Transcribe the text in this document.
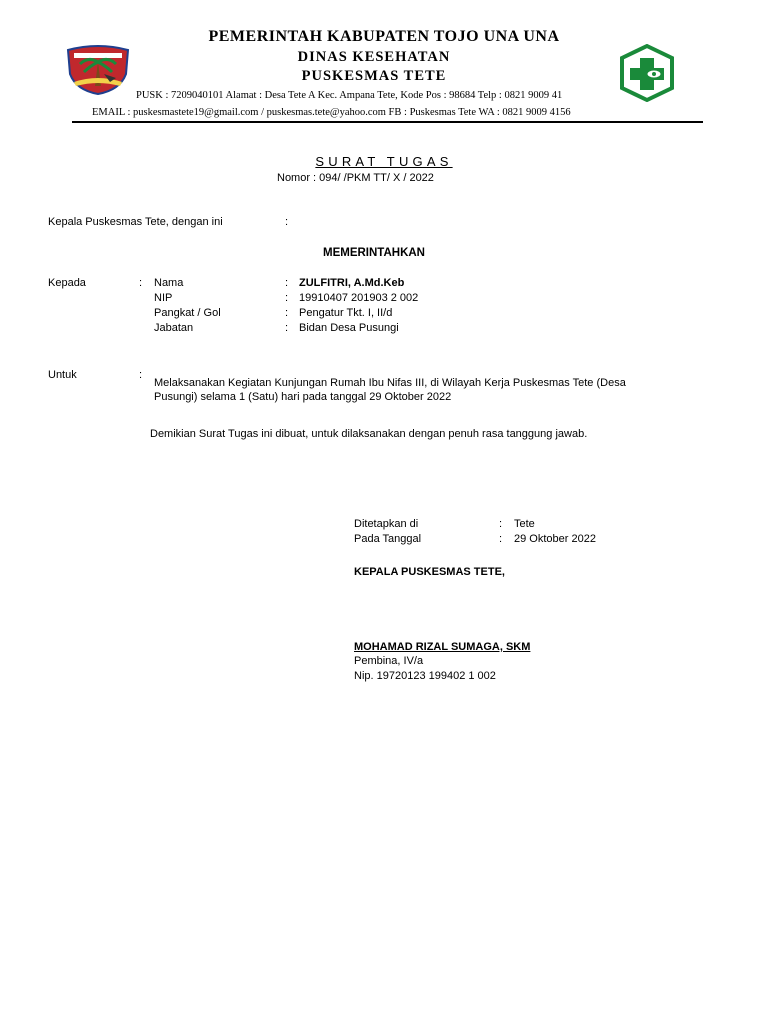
PEMERINTAH KABUPATEN TOJO UNA UNA
DINAS KESEHATAN
PUSKESMAS TETE
PUSK : 7209040101 Alamat : Desa Tete A Kec. Ampana Tete, Kode Pos : 98684 Telp : 0821 9009 41
EMAIL : puskesmastete19@gmail.com / puskesmas.tete@yahoo.com FB : Puskesmas Tete WA : 0821 9009 4156
SURAT TUGAS
Nomor : 094/ /PKM TT/ X / 2022
Kepala Puskesmas Tete, dengan ini	:
MEMERINTAHKAN
Kepada	: Nama	: ZULFITRI, A.Md.Keb
NIP	: 19910407 201903 2 002
Pangkat / Gol	: Pengatur Tkt. I, II/d
Jabatan	: Bidan Desa Pusungi
Untuk	:
Melaksanakan Kegiatan Kunjungan Rumah Ibu Nifas III, di Wilayah Kerja Puskesmas Tete (Desa Pusungi) selama 1 (Satu) hari pada tanggal 29 Oktober 2022
Demikian Surat Tugas ini dibuat, untuk dilaksanakan dengan penuh rasa tanggung jawab.
Ditetapkan di	: Tete
Pada Tanggal	: 29 Oktober 2022
KEPALA PUSKESMAS TETE,
MOHAMAD RIZAL SUMAGA, SKM
Pembina, IV/a
Nip. 19720123 199402 1 002
